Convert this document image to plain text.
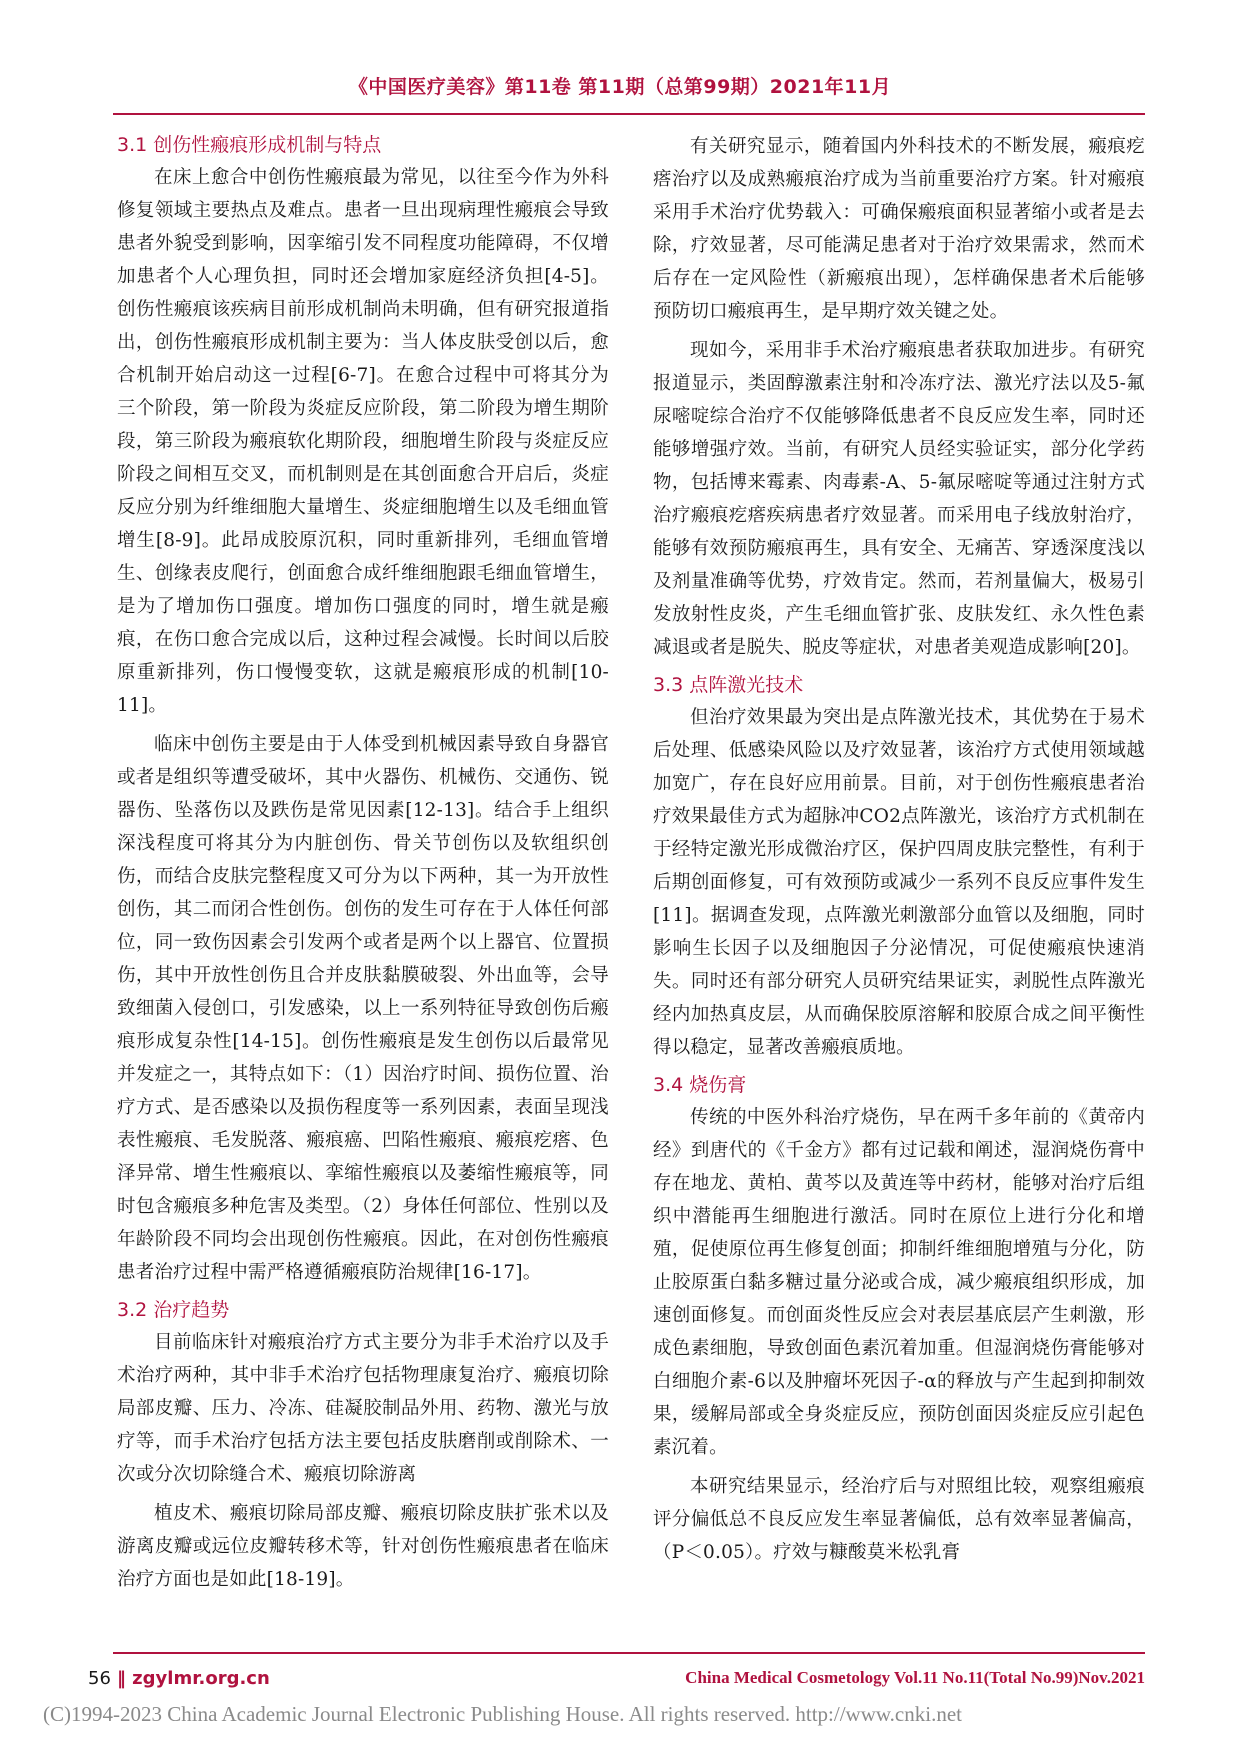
《中国医疗美容》第11卷 第11期（总第99期）2021年11月
3.1 创伤性瘢痕形成机制与特点

在床上愈合中创伤性瘢痕最为常见，以往至今作为外科修复领域主要热点及难点。患者一旦出现病理性瘢痕会导致患者外貌受到影响，因挛缩引发不同程度功能障碍，不仅增加患者个人心理负担，同时还会增加家庭经济负担[4-5]。创伤性瘢痕该疾病目前形成机制尚未明确，但有研究报道指出，创伤性瘢痕形成机制主要为：当人体皮肤受创以后，愈合机制开始启动这一过程[6-7]。在愈合过程中可将其分为三个阶段，第一阶段为炎症反应阶段，第二阶段为增生期阶段，第三阶段为瘢痕软化期阶段，细胞增生阶段与炎症反应阶段之间相互交叉，而机制则是在其创面愈合开启后，炎症反应分别为纤维细胞大量增生、炎症细胞增生以及毛细血管增生[8-9]。此昂成胶原沉积，同时重新排列，毛细血管增生、创缘表皮爬行，创面愈合成纤维细胞跟毛细血管增生，是为了增加伤口强度。增加伤口强度的同时，增生就是瘢痕，在伤口愈合完成以后，这种过程会减慢。长时间以后胶原重新排列，伤口慢慢变软，这就是瘢痕形成的机制[10-11]。

临床中创伤主要是由于人体受到机械因素导致自身器官或者是组织等遭受破坏，其中火器伤、机械伤、交通伤、锐器伤、坠落伤以及跌伤是常见因素[12-13]。结合手上组织深浅程度可将其分为内脏创伤、骨关节创伤以及软组织创伤，而结合皮肤完整程度又可分为以下两种，其一为开放性创伤，其二而闭合性创伤。创伤的发生可存在于人体任何部位，同一致伤因素会引发两个或者是两个以上器官、位置损伤，其中开放性创伤且合并皮肤黏膜破裂、外出血等，会导致细菌入侵创口，引发感染，以上一系列特征导致创伤后瘢痕形成复杂性[14-15]。创伤性瘢痕是发生创伤以后最常见并发症之一，其特点如下：（1）因治疗时间、损伤位置、治疗方式、是否感染以及损伤程度等一系列因素，表面呈现浅表性瘢痕、毛发脱落、瘢痕癌、凹陷性瘢痕、瘢痕疙瘩、色泽异常、增生性瘢痕以、挛缩性瘢痕以及萎缩性瘢痕等，同时包含瘢痕多种危害及类型。（2）身体任何部位、性别以及年龄阶段不同均会出现创伤性瘢痕。因此，在对创伤性瘢痕患者治疗过程中需严格遵循瘢痕防治规律[16-17]。

3.2 治疗趋势

目前临床针对瘢痕治疗方式主要分为非手术治疗以及手术治疗两种，其中非手术治疗包括物理康复治疗、瘢痕切除局部皮瓣、压力、冷冻、硅凝胶制品外用、药物、激光与放疗等，而手术治疗包括方法主要包括皮肤磨削或削除术、一次或分次切除缝合术、瘢痕切除游离

植皮术、瘢痕切除局部皮瓣、瘢痕切除皮肤扩张术以及游离皮瓣或远位皮瓣转移术等，针对创伤性瘢痕患者在临床治疗方面也是如此[18-19]。

有关研究显示，随着国内外科技术的不断发展，瘢痕疙瘩治疗以及成熟瘢痕治疗成为当前重要治疗方案。针对瘢痕采用手术治疗优势载入：可确保瘢痕面积显著缩小或者是去除，疗效显著，尽可能满足患者对于治疗效果需求，然而术后存在一定风险性（新瘢痕出现），怎样确保患者术后能够预防切口瘢痕再生，是早期疗效关键之处。

现如今，采用非手术治疗瘢痕患者获取加进步。有研究报道显示，类固醇激素注射和冷冻疗法、激光疗法以及5-氟尿嘧啶综合治疗不仅能够降低患者不良反应发生率，同时还能够增强疗效。当前，有研究人员经实验证实，部分化学药物，包括博来霉素、肉毒素-A、5-氟尿嘧啶等通过注射方式治疗瘢痕疙瘩疾病患者疗效显著。而采用电子线放射治疗，能够有效预防瘢痕再生，具有安全、无痛苦、穿透深度浅以及剂量准确等优势，疗效肯定。然而，若剂量偏大，极易引发放射性皮炎，产生毛细血管扩张、皮肤发红、永久性色素减退或者是脱失、脱皮等症状，对患者美观造成影响[20]。

3.3 点阵激光技术

但治疗效果最为突出是点阵激光技术，其优势在于易术后处理、低感染风险以及疗效显著，该治疗方式使用领域越加宽广，存在良好应用前景。目前，对于创伤性瘢痕患者治疗效果最佳方式为超脉冲CO2点阵激光，该治疗方式机制在于经特定激光形成微治疗区，保护四周皮肤完整性，有利于后期创面修复，可有效预防或减少一系列不良反应事件发生[11]。据调查发现，点阵激光刺激部分血管以及细胞，同时影响生长因子以及细胞因子分泌情况，可促使瘢痕快速消失。同时还有部分研究人员研究结果证实，剥脱性点阵激光经内加热真皮层，从而确保胶原溶解和胶原合成之间平衡性得以稳定，显著改善瘢痕质地。

3.4 烧伤膏

传统的中医外科治疗烧伤，早在两千多年前的《黄帝内经》到唐代的《千金方》都有过记载和阐述，湿润烧伤膏中存在地龙、黄柏、黄芩以及黄连等中药材，能够对治疗后组织中潜能再生细胞进行激活。同时在原位上进行分化和增殖，促使原位再生修复创面；抑制纤维细胞增殖与分化，防止胶原蛋白黏多糖过量分泌或合成，减少瘢痕组织形成，加速创面修复。而创面炎性反应会对表层基底层产生刺激，形成色素细胞，导致创面色素沉着加重。但湿润烧伤膏能够对白细胞介素-6以及肿瘤坏死因子-α的释放与产生起到抑制效果，缓解局部或全身炎症反应，预防创面因炎症反应引起色素沉着。

本研究结果显示，经治疗后与对照组比较，观察组瘢痕评分偏低总不良反应发生率显著偏低，总有效率显著偏高，（P＜0.05）。疗效与糠酸莫米松乳膏

56 ‖ zgylmr.org.cn	China Medical Cosmetology Vol.11 No.11(Total No.99)Nov.2021
(C)1994-2023 China Academic Journal Electronic Publishing House. All rights reserved. http://www.cnki.net
